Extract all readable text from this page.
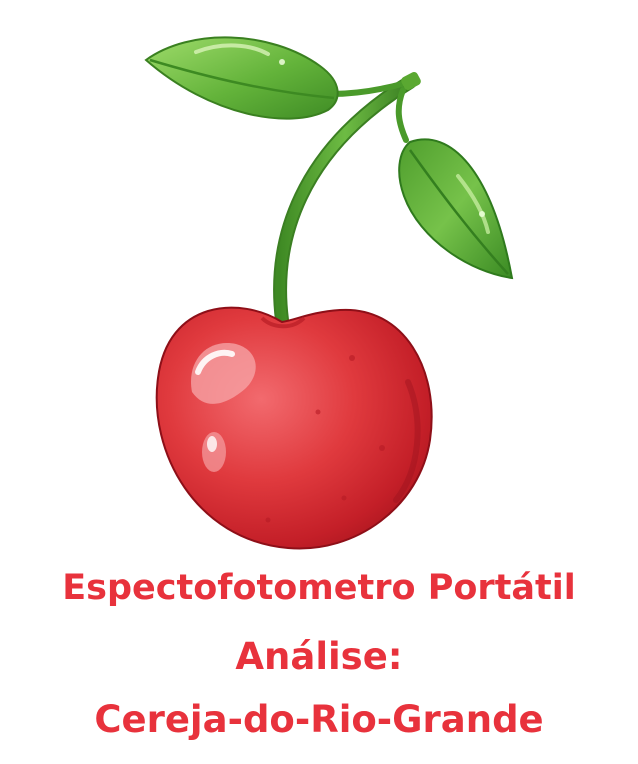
Espectofotometro Portátil
Análise:
Cereja-do-Rio-Grande
